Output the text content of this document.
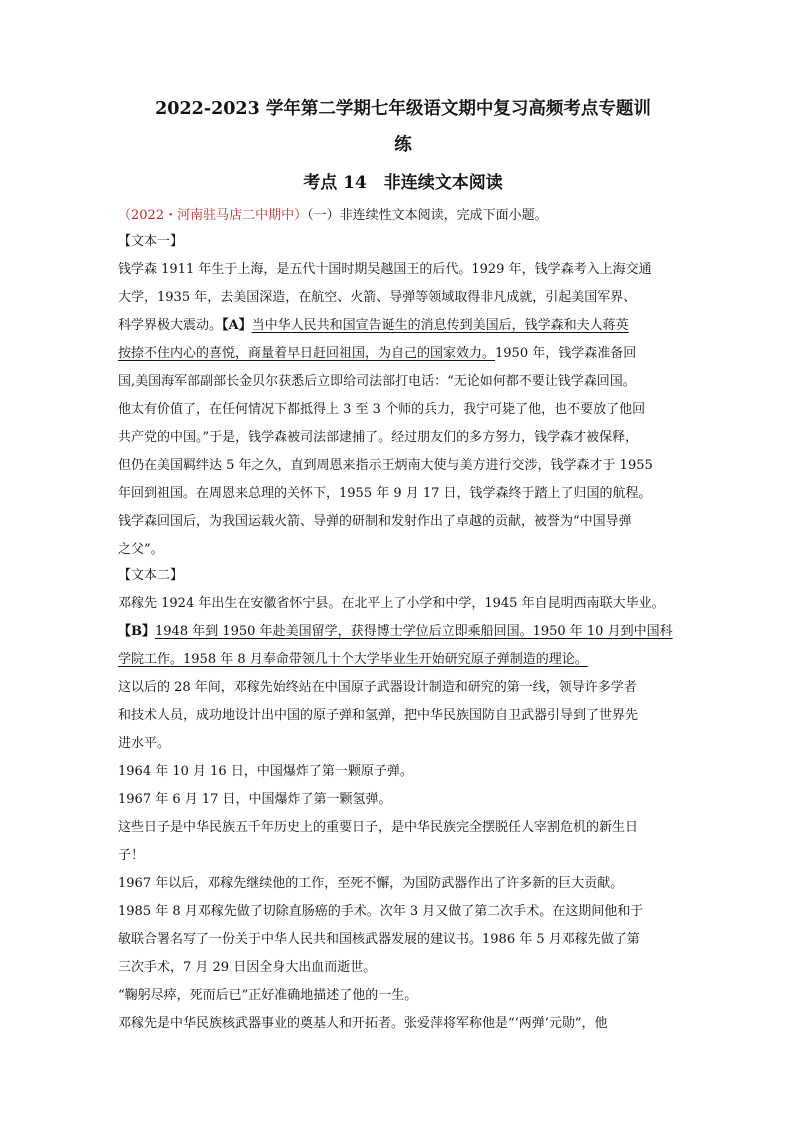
2022-2023 学年第二学期七年级语文期中复习高频考点专题训
练
考点 14　非连续文本阅读
（2022・河南驻马店二中期中）（一）非连续性文本阅读，完成下面小题。
【文本一】
钱学森 1911 年生于上海，是五代十国时期吴越国王的后代。1929 年，钱学森考入上海交通
大学，1935 年，去美国深造，在航空、火箭、导弹等领域取得非凡成就，引起美国军界、
科学界极大震动。【A】当中华人民共和国宣告诞生的消息传到美国后，钱学森和夫人蒋英
按捺不住内心的喜悦，商量着早日赶回祖国，为自己的国家效力。1950 年，钱学森准备回
国,美国海军部副部长金贝尔获悉后立即给司法部打电话：“无论如何都不要让钱学森回国。
他太有价值了，在任何情况下都抵得上 3 至 3 个师的兵力，我宁可毙了他，也不要放了他回
共产党的中国。”于是，钱学森被司法部逮捕了。经过朋友们的多方努力，钱学森才被保释，
但仍在美国羁绊达 5 年之久，直到周恩来指示王炳南大使与美方进行交涉，钱学森才于 1955
年回到祖国。在周恩来总理的关怀下，1955 年 9 月 17 日，钱学森终于踏上了归国的航程。
钱学森回国后，为我国运载火箭、导弹的研制和发射作出了卓越的贡献，被誉为“中国导弹
之父”。
【文本二】
邓稼先 1924 年出生在安徽省怀宁县。在北平上了小学和中学，1945 年自昆明西南联大毕业。
【B】1948 年到 1950 年赴美国留学，获得博士学位后立即乘船回国。1950 年 10 月到中国科
学院工作。1958 年 8 月奉命带领几十个大学毕业生开始研究原子弹制造的理论。
这以后的 28 年间，邓稼先始终站在中国原子武器设计制造和研究的第一线，领导许多学者
和技术人员，成功地设计出中国的原子弹和氢弹，把中华民族国防自卫武器引导到了世界先
进水平。
1964 年 10 月 16 日，中国爆炸了第一颗原子弹。
1967 年 6 月 17 日，中国爆炸了第一颗氢弹。
这些日子是中华民族五千年历史上的重要日子，是中华民族完全摆脱任人宰割危机的新生日
子！
1967 年以后，邓稼先继续他的工作，至死不懈，为国防武器作出了许多新的巨大贡献。
1985 年 8 月邓稼先做了切除直肠癌的手术。次年 3 月又做了第二次手术。在这期间他和于
敏联合署名写了一份关于中华人民共和国核武器发展的建议书。1986 年 5 月邓稼先做了第
三次手术，7 月 29 日因全身大出血而逝世。
“鞠躬尽瘁，死而后已”正好准确地描述了他的一生。
邓稼先是中华民族核武器事业的奠基人和开拓者。张爱萍将军称他是“‘两弹’元勋”，他
